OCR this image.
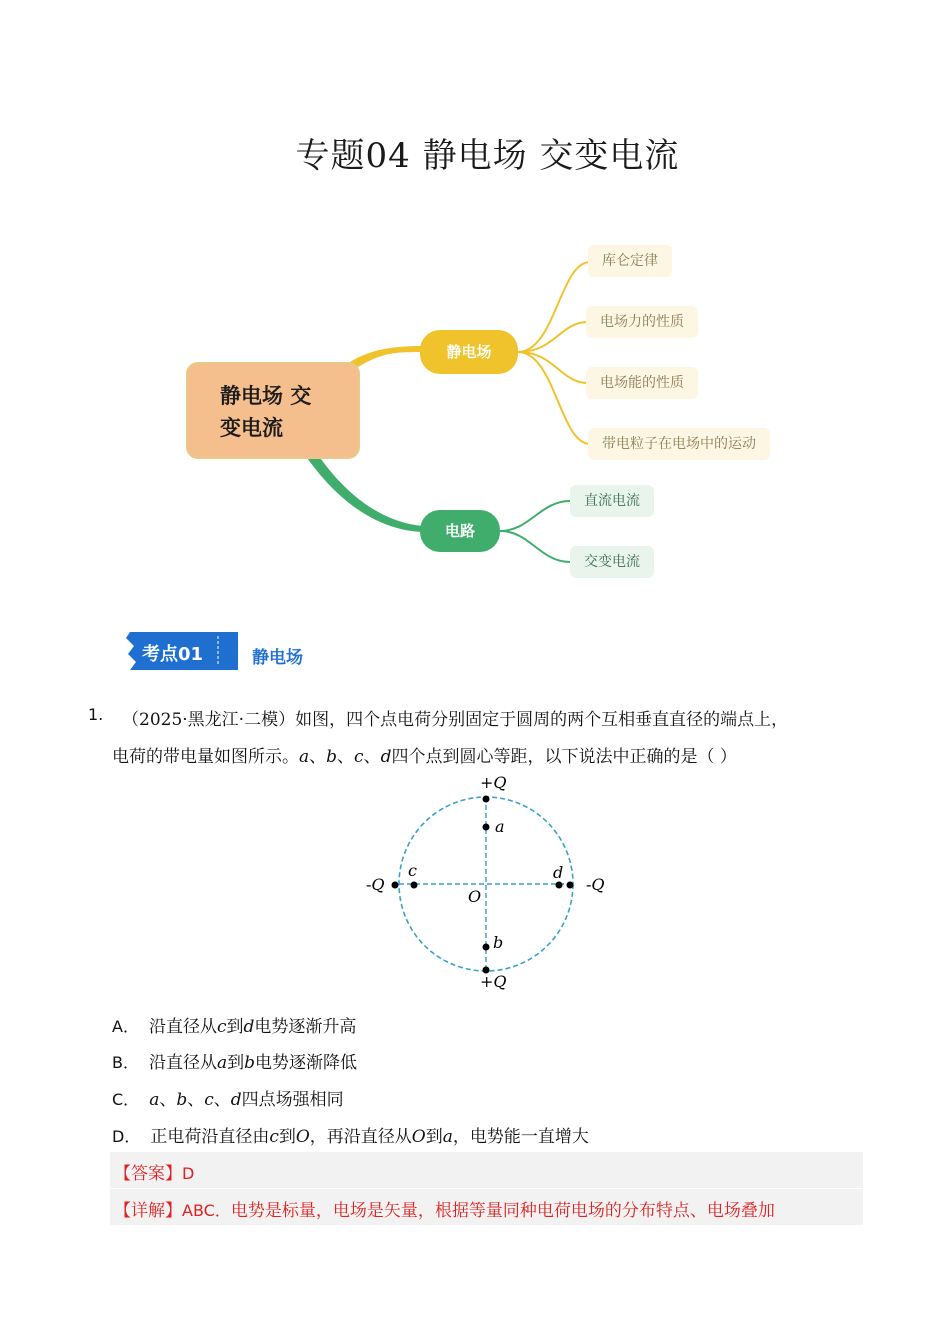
专题04 静电场 交变电流
静电场 交
变电流
静电场
电路
库仑定律
电场力的性质
电场能的性质
带电粒子在电场中的运动
直流电流
交变电流
考点01	静电场
1. （2025·黑龙江·二模）如图，四个点电荷分别固定于圆周的两个互相垂直直径的端点上，
电荷的带电量如图所示。a、b、c、d四个点到圆心等距，以下说法中正确的是（ ）
+Q
+Q
-Q	-Q
O
a
b
c	d
A． 沿直径从c到d电势逐渐升高
B． 沿直径从a到b电势逐渐降低
C． a、b、c、d四点场强相同
D． 正电荷沿直径由c到O，再沿直径从O到a，电势能一直增大
【答案】D
【详解】ABC．电势是标量，电场是矢量，根据等量同种电荷电场的分布特点、电场叠加
